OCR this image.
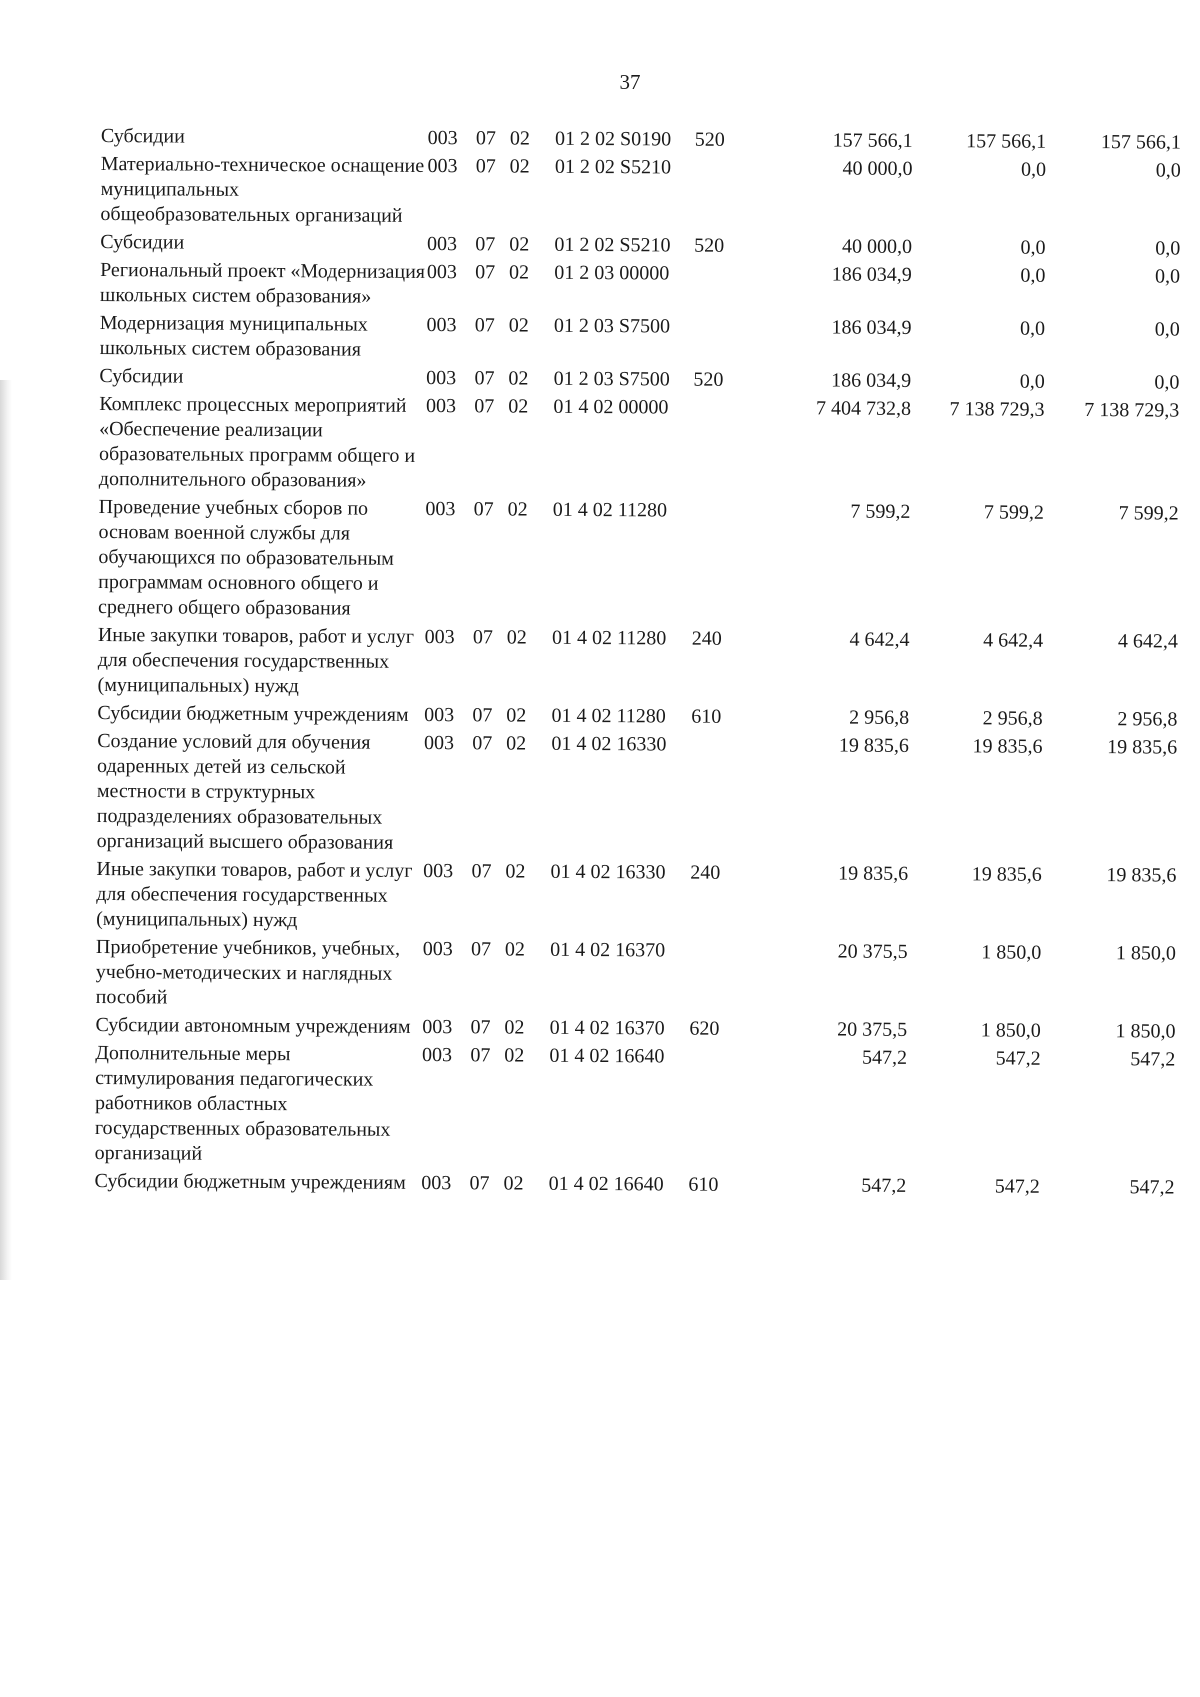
37
Субсидии	003	07	02	01 2 02 S0190	520	157 566,1	157 566,1	157 566,1
Материально-техническое оснащение муниципальных общеобразовательных организаций	003	07	02	01 2 02 S5210		40 000,0	0,0	0,0
Субсидии	003	07	02	01 2 02 S5210	520	40 000,0	0,0	0,0
Региональный проект «Модернизация школьных систем образования»	003	07	02	01 2 03 00000		186 034,9	0,0	0,0
Модернизация муниципальных школьных систем образования	003	07	02	01 2 03 S7500		186 034,9	0,0	0,0
Субсидии	003	07	02	01 2 03 S7500	520	186 034,9	0,0	0,0
Комплекс процессных мероприятий «Обеспечение реализации образовательных программ общего и дополнительного образования»	003	07	02	01 4 02 00000		7 404 732,8	7 138 729,3	7 138 729,3
Проведение учебных сборов по основам военной службы для обучающихся по образовательным программам основного общего и среднего общего образования	003	07	02	01 4 02 11280		7 599,2	7 599,2	7 599,2
Иные закупки товаров, работ и услуг для обеспечения государственных (муниципальных) нужд	003	07	02	01 4 02 11280	240	4 642,4	4 642,4	4 642,4
Субсидии бюджетным учреждениям	003	07	02	01 4 02 11280	610	2 956,8	2 956,8	2 956,8
Создание условий для обучения одаренных детей из сельской местности в структурных подразделениях образовательных организаций высшего образования	003	07	02	01 4 02 16330		19 835,6	19 835,6	19 835,6
Иные закупки товаров, работ и услуг для обеспечения государственных (муниципальных) нужд	003	07	02	01 4 02 16330	240	19 835,6	19 835,6	19 835,6
Приобретение учебников, учебных, учебно-методических и наглядных пособий	003	07	02	01 4 02 16370		20 375,5	1 850,0	1 850,0
Субсидии автономным учреждениям	003	07	02	01 4 02 16370	620	20 375,5	1 850,0	1 850,0
Дополнительные меры стимулирования педагогических работников областных государственных образовательных организаций	003	07	02	01 4 02 16640		547,2	547,2	547,2
Субсидии бюджетным учреждениям	003	07	02	01 4 02 16640	610	547,2	547,2	547,2
